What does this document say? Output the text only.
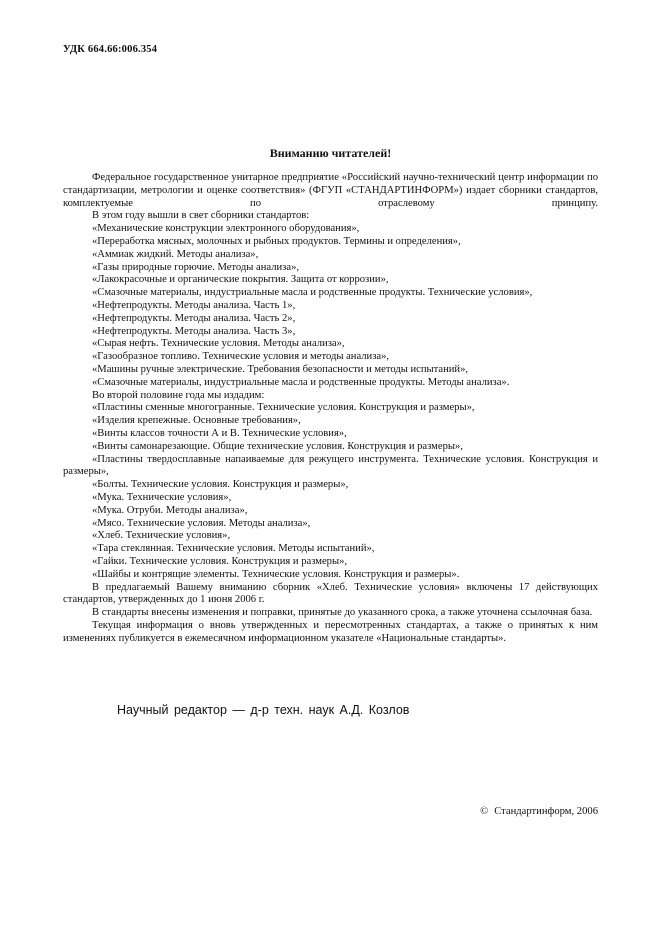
УДК 664.66:006.354
Вниманию читателей!

Федеральное государственное унитарное предприятие «Российский научно-технический центр информации по стандартизации, метрологии и оценке соответствия» (ФГУП «СТАНДАРТИНФОРМ») издает сборники стандартов, комплектуемые по отраслевому принципу.

В этом году вышли в свет сборники стандартов:

«Механические конструкции электронного оборудования»,

«Переработка мясных, молочных и рыбных продуктов. Термины и определения»,

«Аммиак жидкий. Методы анализа»,

«Газы природные горючие. Методы анализа»,

«Лакокрасочные и органические покрытия. Защита от коррозии»,

«Смазочные материалы, индустриальные масла и родственные продукты. Технические условия»,

«Нефтепродукты. Методы анализа. Часть 1»,

«Нефтепродукты. Методы анализа. Часть 2»,

«Нефтепродукты. Методы анализа. Часть 3»,

«Сырая нефть. Технические условия. Методы анализа»,

«Газообразное топливо. Технические условия и методы анализа»,

«Машины ручные электрические. Требования безопасности и методы испытаний»,

«Смазочные материалы, индустриальные масла и родственные продукты. Методы анализа».

Во второй половине года мы издадим:

«Пластины сменные многогранные. Технические условия. Конструкция и размеры»,

«Изделия крепежные. Основные требования»,

«Винты классов точности А и В. Технические условия»,

«Винты самонарезающие. Общие технические условия. Конструкция и размеры»,

«Пластины твердосплавные напаиваемые для режущего инструмента. Технические условия. Конструкция и размеры»,

«Болты. Технические условия. Конструкция и размеры»,

«Мука. Технические условия»,

«Мука. Отруби. Методы анализа»,

«Мясо. Технические условия. Методы анализа»,

«Хлеб. Технические условия»,

«Тара стеклянная. Технические условия. Методы испытаний»,

«Гайки. Технические условия. Конструкция и размеры»,

«Шайбы и контрящие элементы. Технические условия. Конструкция и размеры».

В предлагаемый Вашему вниманию сборник «Хлеб. Технические условия» включены 17 действующих стандартов, утвержденных до 1 июня 2006 г.

В стандарты внесены изменения и поправки, принятые до указанного срока, а также уточнена ссылочная база.

Текущая информация о вновь утвержденных и пересмотренных стандартах, а также о принятых к ним изменениях публикуется в ежемесячном информационном указателе «Национальные стандарты».

Научный редактор — д-р техн. наук А.Д. Козлов
© Стандартинформ, 2006
